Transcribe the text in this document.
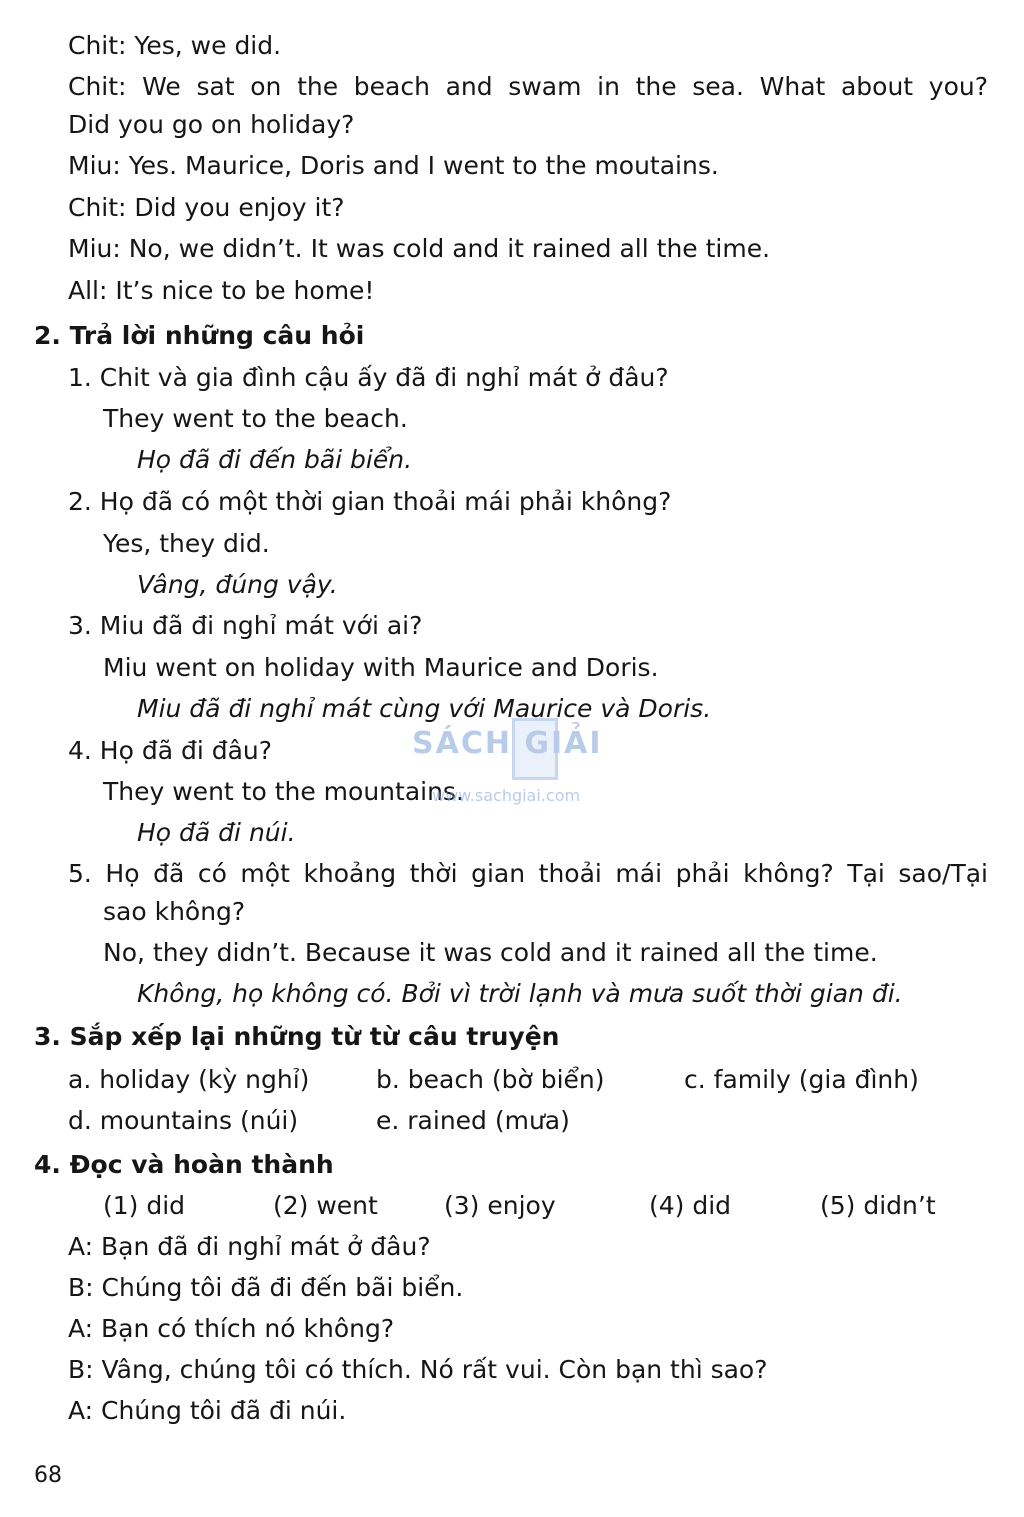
Chit: Yes, we did.
Chit: We sat on the beach and swam in the sea. What about you?
Did you go on holiday?
Miu: Yes. Maurice, Doris and I went to the moutains.
Chit: Did you enjoy it?
Miu: No, we didn’t. It was cold and it rained all the time.
All: It’s nice to be home!
2. Trả lời những câu hỏi
1. Chit và gia đình cậu ấy đã đi nghỉ mát ở đâu?
They went to the beach.
Họ đã đi đến bãi biển.
2. Họ đã có một thời gian thoải mái phải không?
Yes, they did.
Vâng, đúng vậy.
3. Miu đã đi nghỉ mát với ai?
Miu went on holiday with Maurice and Doris.
Miu đã đi nghỉ mát cùng với Maurice và Doris.
4. Họ đã đi đâu?
They went to the mountains.
Họ đã đi núi.
5. Họ đã có một khoảng thời gian thoải mái phải không? Tại sao/Tại
sao không?
No, they didn’t. Because it was cold and it rained all the time.
Không, họ không có. Bởi vì trời lạnh và mưa suốt thời gian đi.
3. Sắp xếp lại những từ từ câu truyện
a. holiday (kỳ nghỉ)	b. beach (bờ biển)	c. family (gia đình)
d. mountains (núi)	e. rained (mưa)
4. Đọc và hoàn thành
(1) did	(2) went	(3) enjoy	(4) did	(5) didn’t
A: Bạn đã đi nghỉ mát ở đâu?
B: Chúng tôi đã đi đến bãi biển.
A: Bạn có thích nó không?
B: Vâng, chúng tôi có thích. Nó rất vui. Còn bạn thì sao?
A: Chúng tôi đã đi núi.
68
SÁCH GIẢI
www.sachgiai.com
